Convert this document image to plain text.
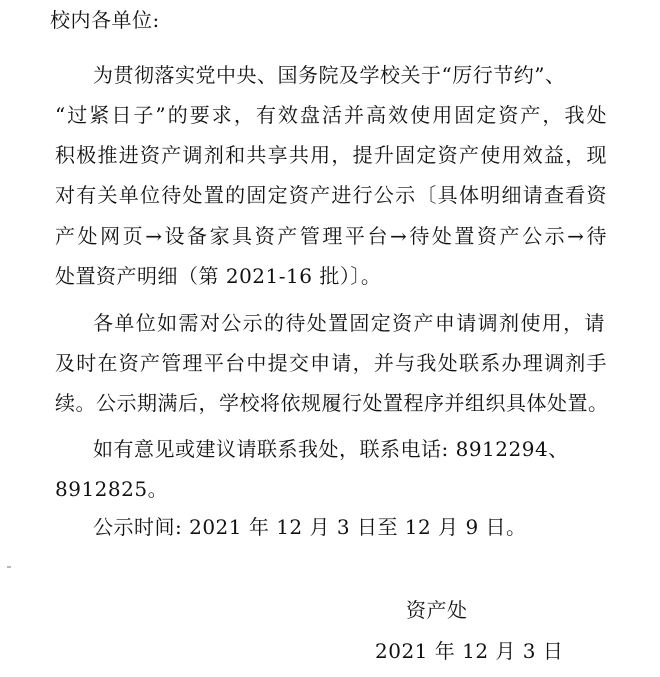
校内各单位:
为贯彻落实党中央、国务院及学校关于“厉行节约”、
“过紧日子”的要求，有效盘活并高效使用固定资产，我处
积极推进资产调剂和共享共用，提升固定资产使用效益，现
对有关单位待处置的固定资产进行公示〔具体明细请查看资
产处网页→设备家具资产管理平台→待处置资产公示→待
处置资产明细（第 2021-16 批）〕。
各单位如需对公示的待处置固定资产申请调剂使用，请
及时在资产管理平台中提交申请，并与我处联系办理调剂手
续。公示期满后，学校将依规履行处置程序并组织具体处置。
如有意见或建议请联系我处，联系电话: 8912294、
8912825。
公示时间: 2021 年 12 月 3 日至 12 月 9 日。
资产处
2021 年 12 月 3 日
